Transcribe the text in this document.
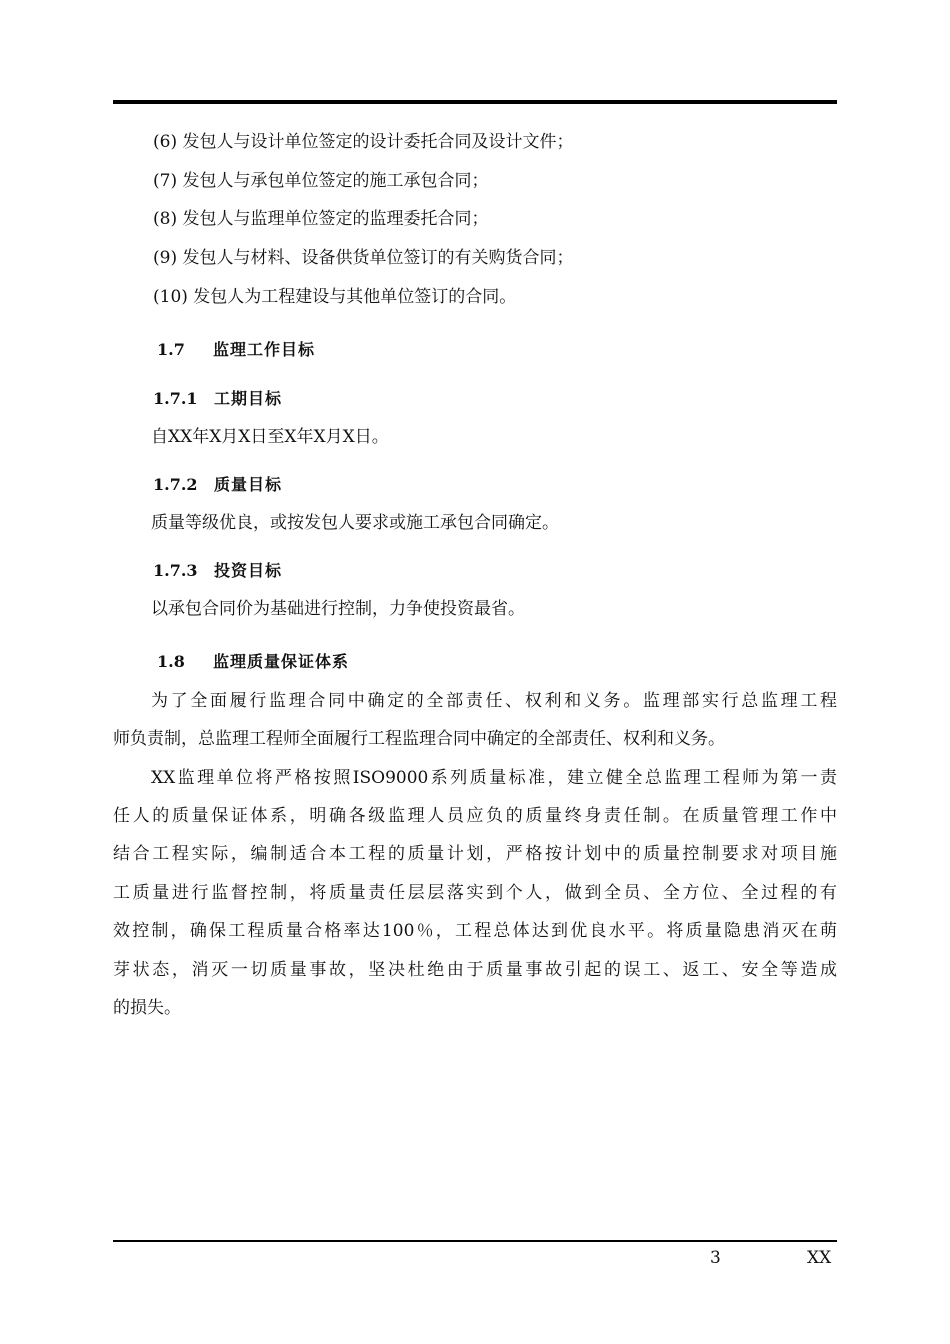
(6) 发包人与设计单位签定的设计委托合同及设计文件；
(7) 发包人与承包单位签定的施工承包合同；
(8) 发包人与监理单位签定的监理委托合同；
(9) 发包人与材料、设备供货单位签订的有关购货合同；
(10) 发包人为工程建设与其他单位签订的合同。
1.7 监理工作目标
1.7.1 工期目标
自XX年X月X日至X年X月X日。
1.7.2 质量目标
质量等级优良，或按发包人要求或施工承包合同确定。
1.7.3 投资目标
以承包合同价为基础进行控制，力争使投资最省。
1.8 监理质量保证体系
为了全面履行监理合同中确定的全部责任、权利和义务。监理部实行总监理工程
师负责制，总监理工程师全面履行工程监理合同中确定的全部责任、权利和义务。
XX监理单位将严格按照ISO9000系列质量标准，建立健全总监理工程师为第一责
任人的质量保证体系，明确各级监理人员应负的质量终身责任制。在质量管理工作中
结合工程实际，编制适合本工程的质量计划，严格按计划中的质量控制要求对项目施
工质量进行监督控制，将质量责任层层落实到个人，做到全员、全方位、全过程的有
效控制，确保工程质量合格率达100％，工程总体达到优良水平。将质量隐患消灭在萌
芽状态，消灭一切质量事故，坚决杜绝由于质量事故引起的误工、返工、安全等造成
的损失。
3	XX
